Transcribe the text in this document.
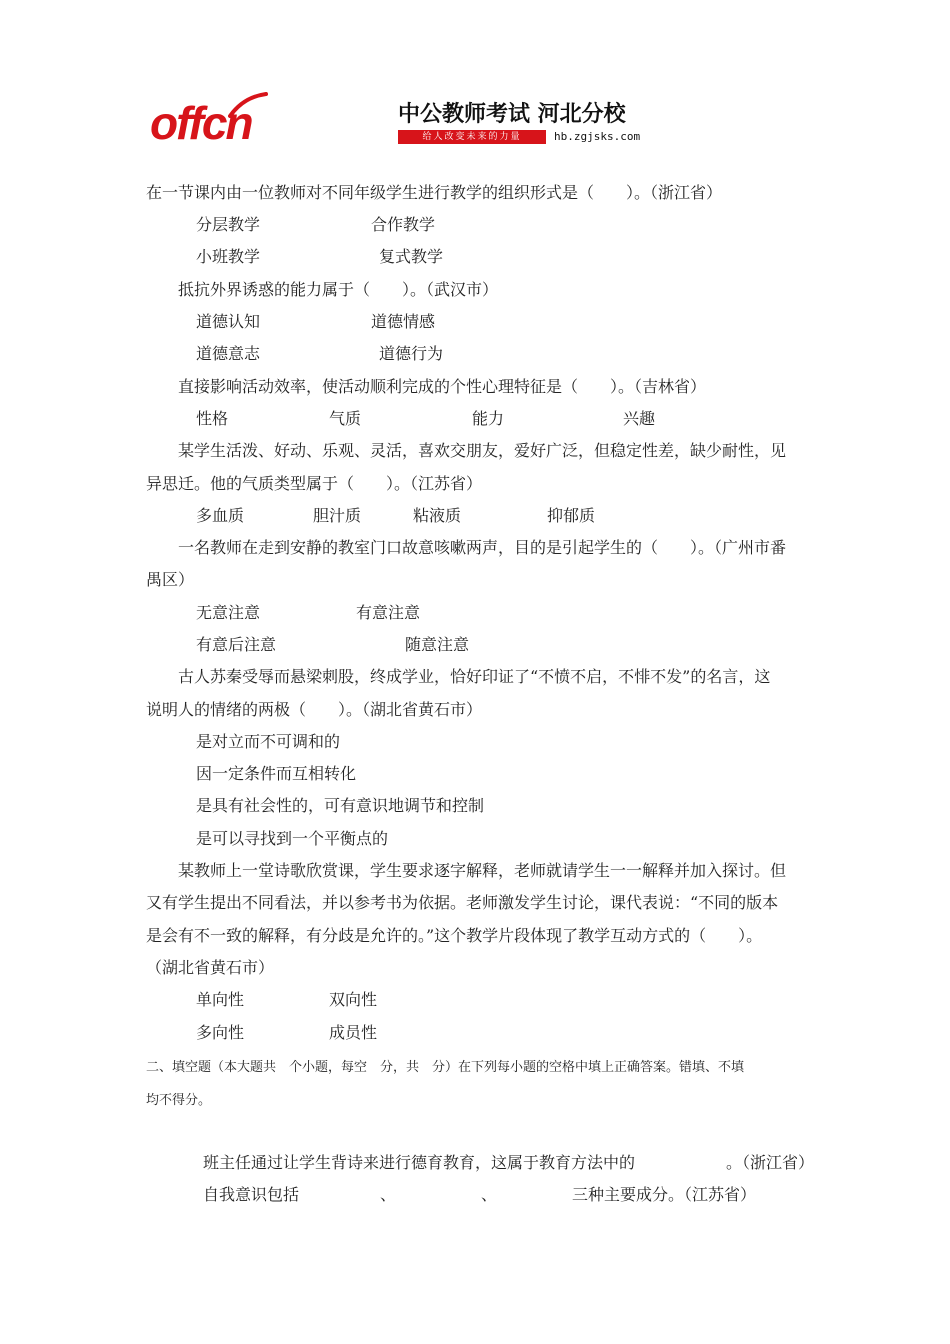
offcn	中公教师考试 河北分校
给人改变未来的力量	hb.zgjsks.com
在一节课内由一位教师对不同年级学生进行教学的组织形式是（　　）。（浙江省）
分层教学	合作教学
小班教学	复式教学
抵抗外界诱惑的能力属于（　　）。（武汉市）
道德认知	道德情感
道德意志	道德行为
直接影响活动效率，使活动顺利完成的个性心理特征是（　　）。（吉林省）
性格	气质	能力	兴趣
某学生活泼、好动、乐观、灵活，喜欢交朋友，爱好广泛，但稳定性差，缺少耐性，见
异思迁。他的气质类型属于（　　）。（江苏省）
多血质	胆汁质	粘液质	抑郁质
一名教师在走到安静的教室门口故意咳嗽两声，目的是引起学生的（　　）。（广州市番
禺区）
无意注意	有意注意
有意后注意	随意注意
古人苏秦受辱而悬梁刺股，终成学业，恰好印证了“不愤不启，不悱不发”的名言，这
说明人的情绪的两极（　　）。（湖北省黄石市）
是对立而不可调和的
因一定条件而互相转化
是具有社会性的，可有意识地调节和控制
是可以寻找到一个平衡点的
某教师上一堂诗歌欣赏课，学生要求逐字解释，老师就请学生一一解释并加入探讨。但
又有学生提出不同看法，并以参考书为依据。老师激发学生讨论，课代表说：“不同的版本
是会有不一致的解释，有分歧是允许的。”这个教学片段体现了教学互动方式的（　　）。
（湖北省黄石市）
单向性	双向性
多向性	成员性
二、填空题（本大题共　个小题，每空　分，共　分）在下列每小题的空格中填上正确答案。错填、不填
均不得分。
班主任通过让学生背诗来进行德育教育，这属于教育方法中的	。（浙江省）
自我意识包括	、	、	三种主要成分。（江苏省）
